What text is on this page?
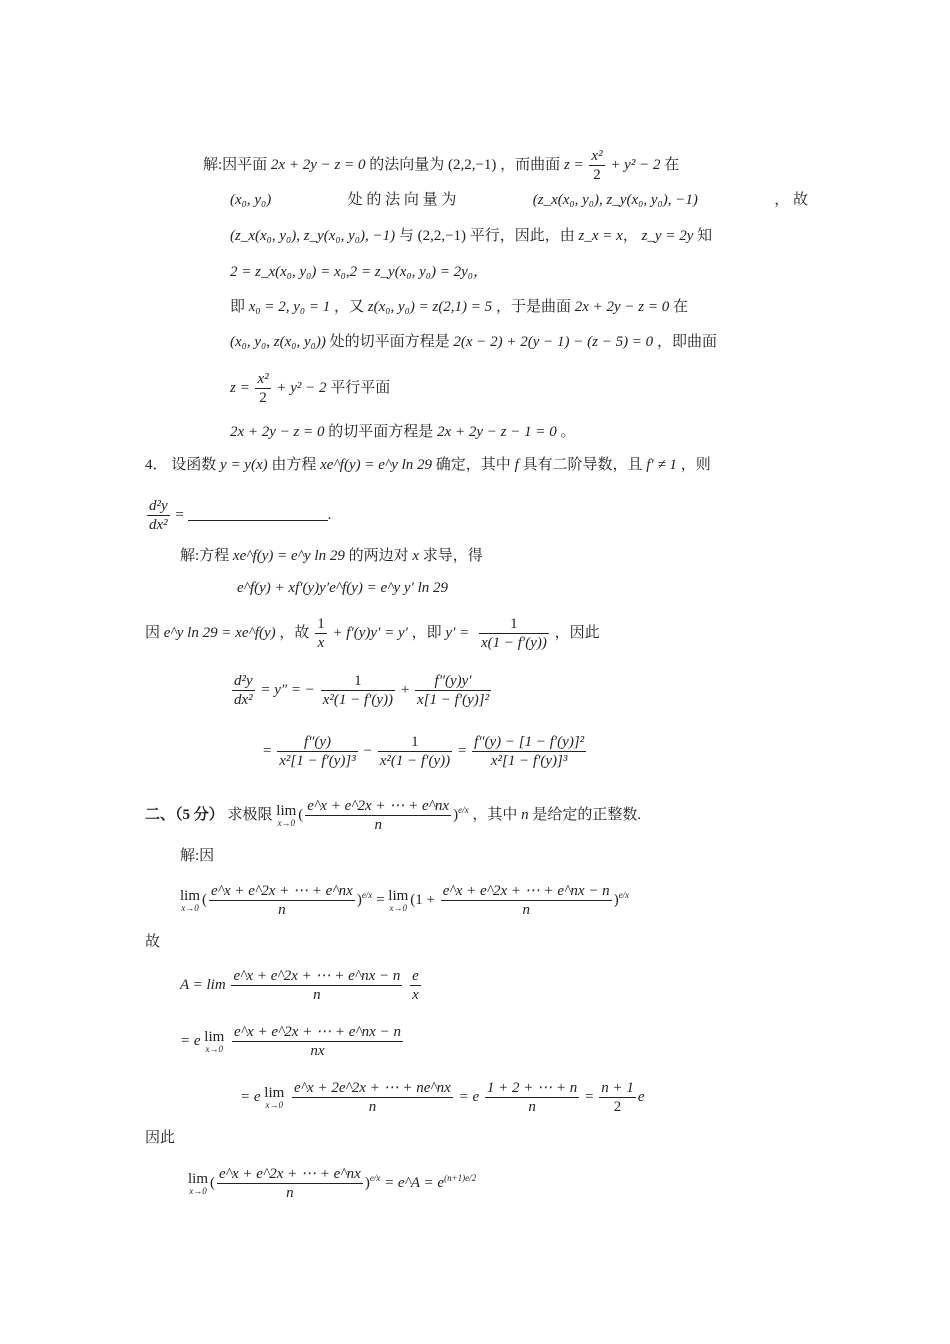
解:因平面 2x + 2y − z = 0 的法向量为 (2,2,−1) ，而曲面 $z = \frac{\text{x²}}{2} + y^2 - 2$ 在
(x₀, y₀)	处 的 法 向 量 为	(z_x(x₀, y₀), z_y(x₀, y₀), −1)	， 故
(z_x(x₀, y₀), z_y(x₀, y₀), −1) 与 (2,2,−1) 平行，因此，由 z_x = x， z_y = 2y 知
2 = z_x(x₀, y₀) = x₀,2 = z_y(x₀, y₀) = 2y₀，
即 x₀ = 2, y₀ = 1 ，又 z(x₀, y₀) = z(2,1) = 5 ，于是曲面 2x + 2y − z = 0 在
(x₀, y₀, z(x₀, y₀)) 处的切平面方程是 2(x − 2) + 2(y − 1) − (z − 5) = 0 ，即曲面
$z = \frac{\text{x²}}{2} + y^2 - 2$ 平行平面
2x + 2y − z = 0 的切平面方程是 2x + 2y − z − 1 = 0 。
4． 设函数 y = y(x) 由方程 xe^f(y) = e^y ln 29 确定，其中 f 具有二阶导数，且 f′ ≠ 1 ，则
$\frac{\text{d²y}}{\text{dx²}}$ =	.
解:方程 xe^f(y) = e^y ln 29 的两边对 x 求导，得
e^f(y) + xf′(y)y′e^f(y) = e^y y′ ln 29
因 e^y ln 29 = xe^f(y) ，故 $\frac{1}{x} + f'(y)y' = y'$ ，即 $y' = \frac{1}{x(1 - f'(y))}$ ，因此
$\frac{\text{d²y}}{\text{dx²}} = y''$ = − $\frac{1}{\text{x²(1 − f′(y))}} + \frac{f''(y)y'}{\text{x[1 − f′(y)]²}}$
= $\frac{f''(y)}{\text{x²[1 − f′(y)]³}} - \frac{1}{\text{x²(1 − f′(y))}} = \frac{\text{f″(y) − [1 − f′(y)]²}}{\text{x²[1 − f′(y)]³}}$
二、（5 分） 求极限 lim
x→0 ( $\frac{e\^{}x + e\^{}2x + \cdots + e\^{}nx}{n} )^{e/x}$ ，其中 n 是给定的正整数.
解:因
lim
x→0 ( $\frac{e\^{}x + e\^{}2x + \cdots + e\^{}nx}{n} )^{e/x} = \lim$
x→0 $(1 + \frac{e\^{}x + e\^{}2x + \cdots + e\^{}nx - n}{n} )^{e/x}$
故
$A = \lim \frac{e\^{}x + e\^{}2x + \cdots + e\^{}nx - n}{n}$
$\frac{e}{x}$
= e lim
x→0
$\frac{e\^{}x + e\^{}2x + \cdots + e\^{}nx - n}{nx}$
= e lim
x→0
$\frac{e\^{}x + 2e\^{}2x + \cdots + ne\^{}nx}{n} = e \frac{1 + 2 + \cdots + n}{n} = \frac{n + 1}{2}$ e
因此
lim
x→0 ( $\frac{e\^{}x + e\^{}2x + \cdots + e\^{}nx}{n} )^{e/x}$ = e^A = $e^{(n+1)e/2}$
